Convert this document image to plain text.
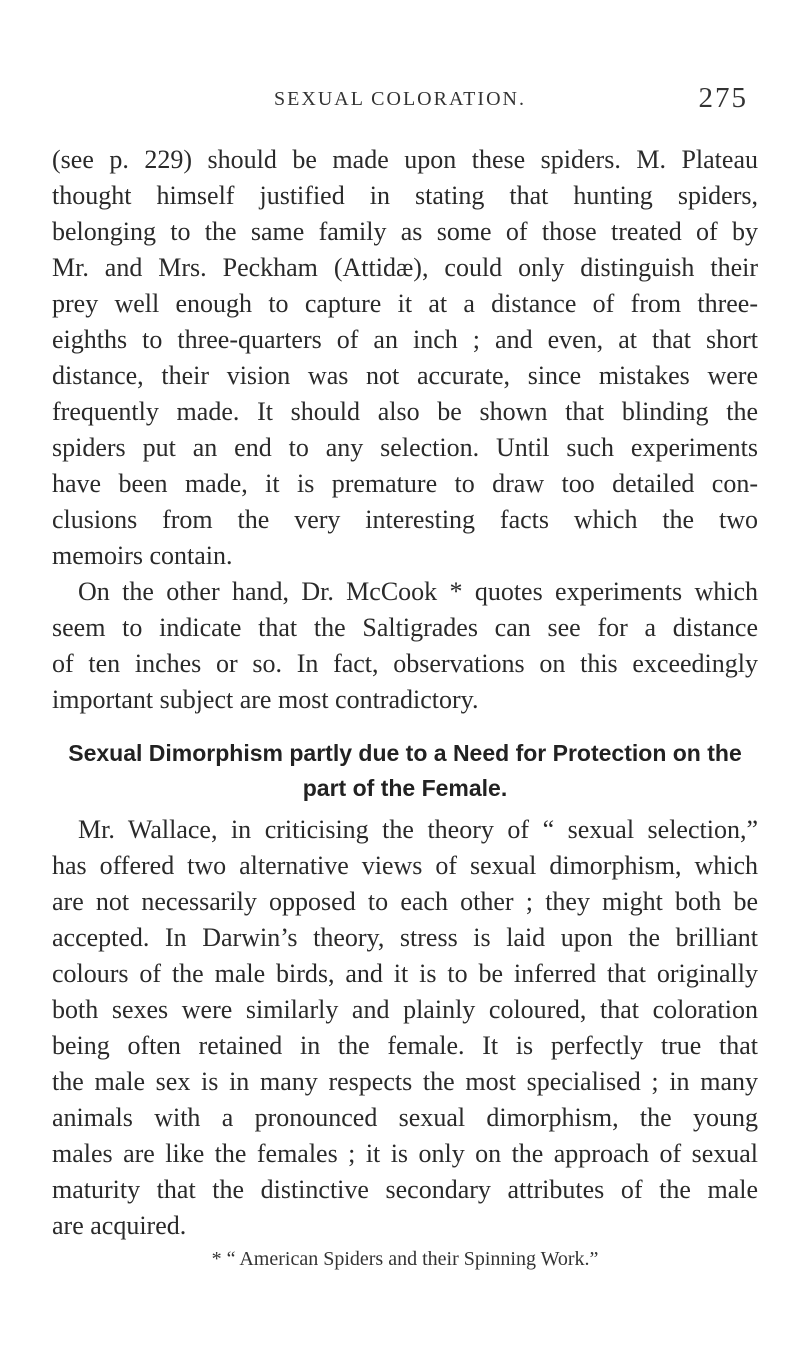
SEXUAL COLORATION.	275
(see p. 229) should be made upon these spiders. M. Plateau
thought himself justified in stating that hunting spiders,
belonging to the same family as some of those treated of by
Mr. and Mrs. Peckham (Attidæ), could only distinguish their
prey well enough to capture it at a distance of from three-
eighths to three-quarters of an inch ; and even, at that short
distance, their vision was not accurate, since mistakes were
frequently made. It should also be shown that blinding the
spiders put an end to any selection. Until such experiments
have been made, it is premature to draw too detailed con-
clusions from the very interesting facts which the two
memoirs contain.
On the other hand, Dr. McCook * quotes experiments which
seem to indicate that the Saltigrades can see for a distance
of ten inches or so. In fact, observations on this exceedingly
important subject are most contradictory.
Sexual Dimorphism partly due to a Need for Protection on the
part of the Female.
Mr. Wallace, in criticising the theory of “ sexual selection,”
has offered two alternative views of sexual dimorphism, which
are not necessarily opposed to each other ; they might both be
accepted. In Darwin’s theory, stress is laid upon the brilliant
colours of the male birds, and it is to be inferred that originally
both sexes were similarly and plainly coloured, that coloration
being often retained in the female. It is perfectly true that
the male sex is in many respects the most specialised ; in many
animals with a pronounced sexual dimorphism, the young
males are like the females ; it is only on the approach of sexual
maturity that the distinctive secondary attributes of the male
are acquired.
* “ American Spiders and their Spinning Work.”
